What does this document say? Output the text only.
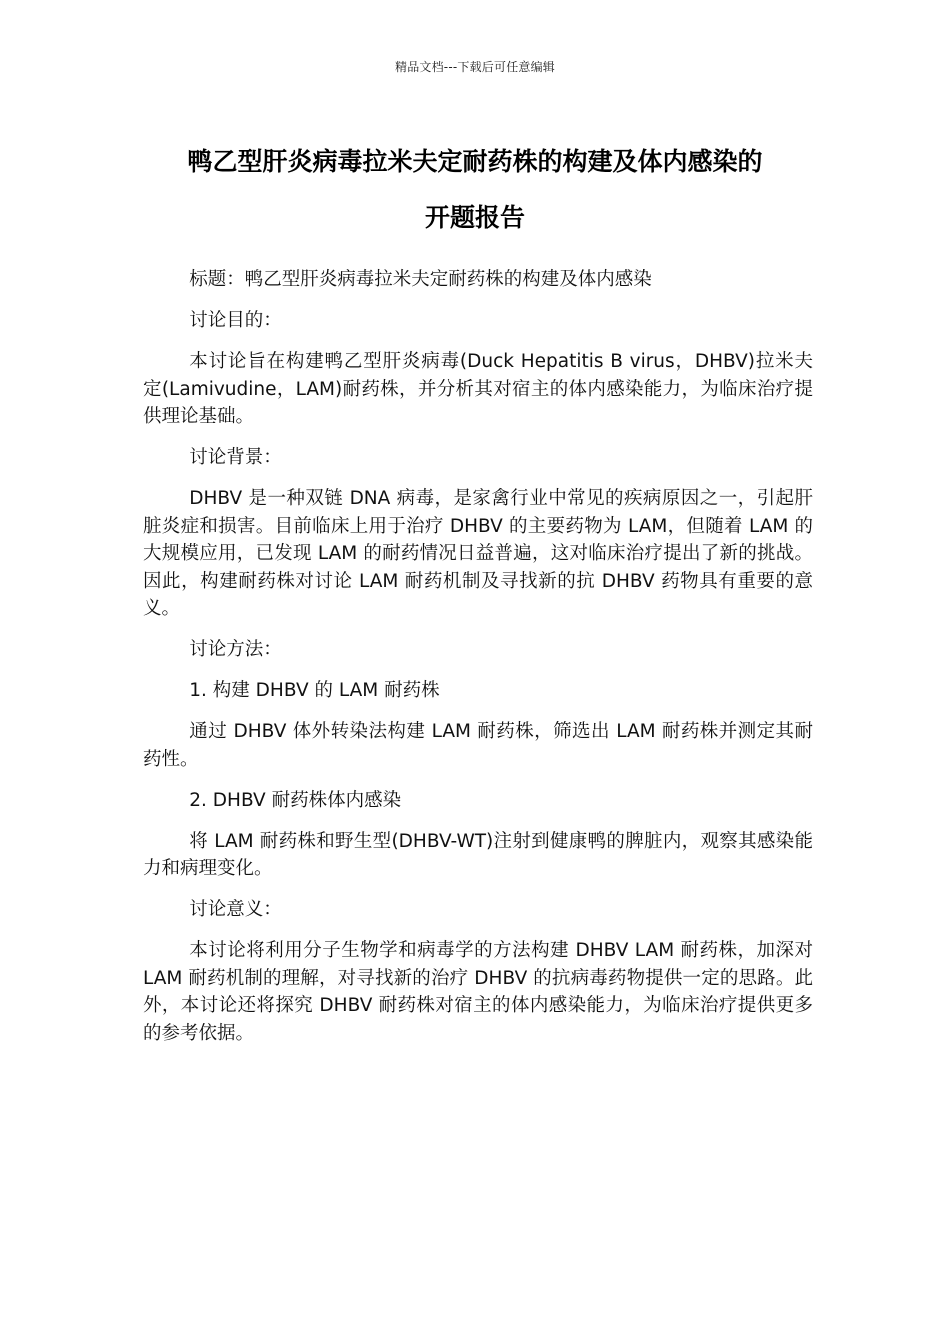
精品文档---下载后可任意编辑
鸭乙型肝炎病毒拉米夫定耐药株的构建及体内感染的
开题报告

标题：鸭乙型肝炎病毒拉米夫定耐药株的构建及体内感染

讨论目的：

本讨论旨在构建鸭乙型肝炎病毒(Duck Hepatitis B virus，DHBV)拉米夫定(Lamivudine，LAM)耐药株，并分析其对宿主的体内感染能力，为临床治疗提供理论基础。

讨论背景：

DHBV 是一种双链 DNA 病毒，是家禽行业中常见的疾病原因之一，引起肝脏炎症和损害。目前临床上用于治疗 DHBV 的主要药物为 LAM，但随着 LAM 的大规模应用，已发现 LAM 的耐药情况日益普遍，这对临床治疗提出了新的挑战。因此，构建耐药株对讨论 LAM 耐药机制及寻找新的抗 DHBV 药物具有重要的意义。

讨论方法：

1. 构建 DHBV 的 LAM 耐药株

通过 DHBV 体外转染法构建 LAM 耐药株，筛选出 LAM 耐药株并测定其耐药性。

2. DHBV 耐药株体内感染

将 LAM 耐药株和野生型(DHBV-WT)注射到健康鸭的脾脏内，观察其感染能力和病理变化。

讨论意义：

本讨论将利用分子生物学和病毒学的方法构建 DHBV LAM 耐药株，加深对 LAM 耐药机制的理解，对寻找新的治疗 DHBV 的抗病毒药物提供一定的思路。此外，本讨论还将探究 DHBV 耐药株对宿主的体内感染能力，为临床治疗提供更多的参考依据。
